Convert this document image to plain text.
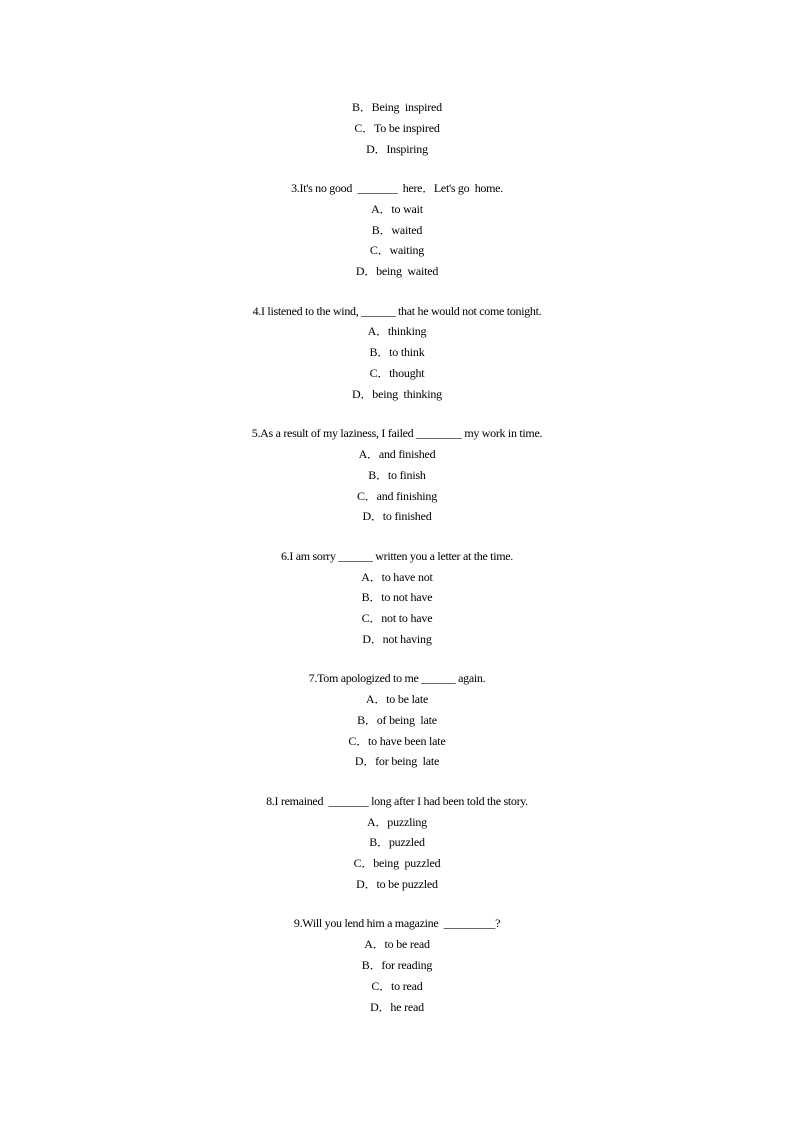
B．Being  inspired
C．To be inspired
D．Inspiring
3.It's no good  _______  here．Let's go  home.
A．to wait
B．waited
C．waiting
D．being  waited
4.I listened to the wind, ______ that he would not come tonight.
A．thinking
B．to think
C．thought
D．being  thinking
5.As a result of my laziness, I failed ________ my work in time.
A．and finished
B．to finish
C．and finishing
D．to finished
6.I am sorry ______ written you a letter at the time.
A．to have not
B．to not have
C．not to have
D．not having
7.Tom apologized to me ______ again.
A．to be late
B．of being  late
C．to have been late
D．for being  late
8.I remained  _______ long after I had been told the story.
A．puzzling
B．puzzled
C．being  puzzled
D．to be puzzled
9.Will you lend him a magazine  _________?
A．to be read
B．for reading
C．to read
D．he read
